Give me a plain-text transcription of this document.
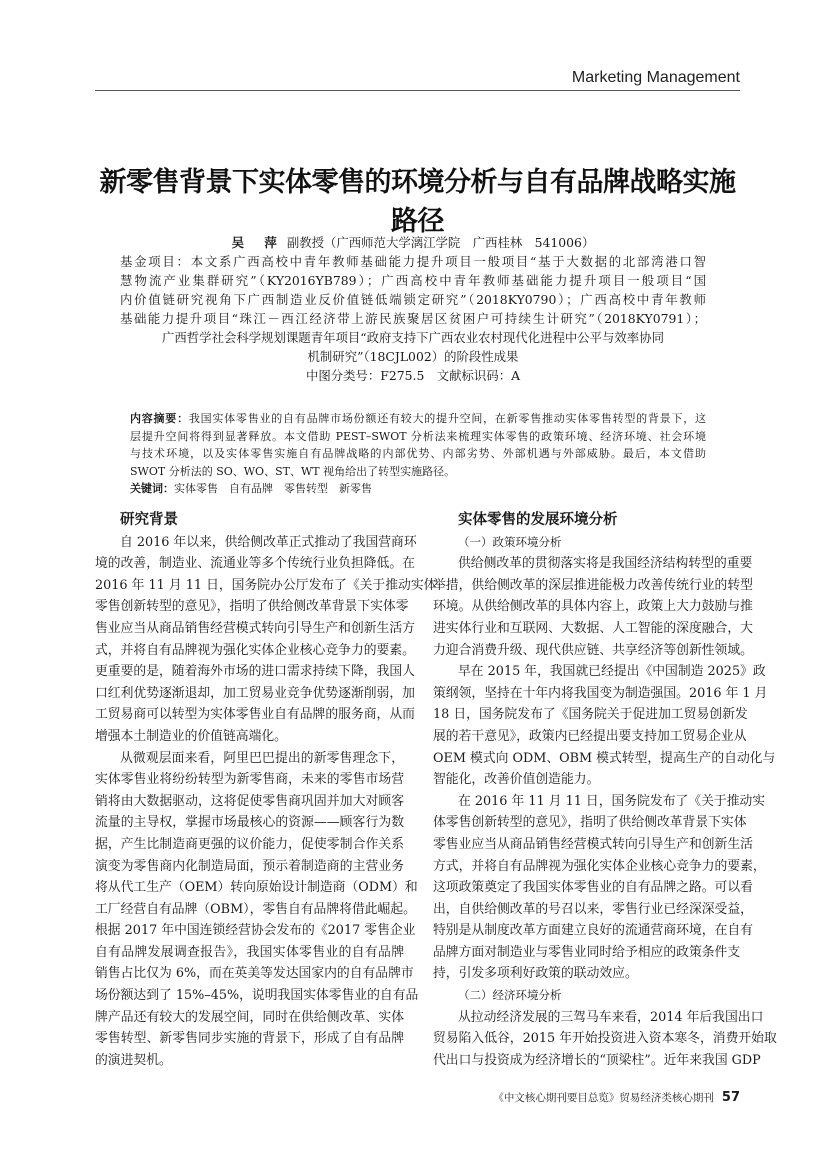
Marketing Management
新零售背景下实体零售的环境分析与自有品牌战略实施路径
吴　萍 副教授（广西师范大学漓江学院　广西桂林　541006）
基金项目：本文系广西高校中青年教师基础能力提升项目一般项目“基于大数据的北部湾港口智
慧物流产业集群研究”（KY2016YB789）；广西高校中青年教师基础能力提升项目一般项目“国
内价值链研究视角下广西制造业反价值链低端锁定研究”（2018KY0790）；广西高校中青年教师
基础能力提升项目“珠江－西江经济带上游民族聚居区贫困户可持续生计研究”（2018KY0791）；
广西哲学社会科学规划课题青年项目“政府支持下广西农业农村现代化进程中公平与效率协同
机制研究”（18CJL002）的阶段性成果
中图分类号：F275.5　文献标识码：A
内容摘要：我国实体零售业的自有品牌市场份额还有较大的提升空间，在新零售推动实体零售转型的背景下，这
层提升空间将得到显著释放。本文借助 PEST–SWOT 分析法来梳理实体零售的政策环境、经济环境、社会环境
与技术环境，以及实体零售实施自有品牌战略的内部优势、内部劣势、外部机遇与外部威胁。最后，本文借助
SWOT 分析法的 SO、WO、ST、WT 视角给出了转型实施路径。
关键词：实体零售　自有品牌　零售转型　新零售
研究背景
自 2016 年以来，供给侧改革正式推动了我国营商环
境的改善，制造业、流通业等多个传统行业负担降低。在
2016 年 11 月 11 日，国务院办公厅发布了《关于推动实体
零售创新转型的意见》，指明了供给侧改革背景下实体零
售业应当从商品销售经营模式转向引导生产和创新生活方
式，并将自有品牌视为强化实体企业核心竞争力的要素。
更重要的是，随着海外市场的进口需求持续下降，我国人
口红利优势逐渐退却，加工贸易业竞争优势逐渐削弱，加
工贸易商可以转型为实体零售业自有品牌的服务商，从而
增强本土制造业的价值链高端化。
从微观层面来看，阿里巴巴提出的新零售理念下，
实体零售业将纷纷转型为新零售商，未来的零售市场营
销将由大数据驱动，这将促使零售商巩固并加大对顾客
流量的主导权，掌握市场最核心的资源——顾客行为数
据，产生比制造商更强的议价能力，促使零制合作关系
演变为零售商内化制造局面，预示着制造商的主营业务
将从代工生产（OEM）转向原始设计制造商（ODM）和
工厂经营自有品牌（OBM），零售自有品牌将借此崛起。
根据 2017 年中国连锁经营协会发布的《2017 零售企业
自有品牌发展调查报告》，我国实体零售业的自有品牌
销售占比仅为 6%，而在英美等发达国家内的自有品牌市
场份额达到了 15%–45%，说明我国实体零售业的自有品
牌产品还有较大的发展空间，同时在供给侧改革、实体
零售转型、新零售同步实施的背景下，形成了自有品牌
的演进契机。
实体零售的发展环境分析
（一）政策环境分析
供给侧改革的贯彻落实将是我国经济结构转型的重要
举措，供给侧改革的深层推进能极力改善传统行业的转型
环境。从供给侧改革的具体内容上，政策上大力鼓励与推
进实体行业和互联网、大数据、人工智能的深度融合，大
力迎合消费升级、现代供应链、共享经济等创新性领域。
早在 2015 年，我国就已经提出《中国制造 2025》政
策纲领，坚持在十年内将我国变为制造强国。2016 年 1 月
18 日，国务院发布了《国务院关于促进加工贸易创新发
展的若干意见》，政策内已经提出要支持加工贸易企业从
OEM 模式向 ODM、OBM 模式转型，提高生产的自动化与
智能化，改善价值创造能力。
在 2016 年 11 月 11 日，国务院发布了《关于推动实
体零售创新转型的意见》，指明了供给侧改革背景下实体
零售业应当从商品销售经营模式转向引导生产和创新生活
方式，并将自有品牌视为强化实体企业核心竞争力的要素，
这项政策奠定了我国实体零售业的自有品牌之路。可以看
出，自供给侧改革的号召以来，零售行业已经深深受益，
特别是从制度改革方面建立良好的流通营商环境，在自有
品牌方面对制造业与零售业同时给予相应的政策条件支
持，引发多项利好政策的联动效应。
（二）经济环境分析
从拉动经济发展的三驾马车来看，2014 年后我国出口
贸易陷入低谷，2015 年开始投资进入资本寒冬，消费开始取
代出口与投资成为经济增长的“顶梁柱”。近年来我国 GDP
《中文核心期刊要目总览》贸易经济类核心期刊 57
